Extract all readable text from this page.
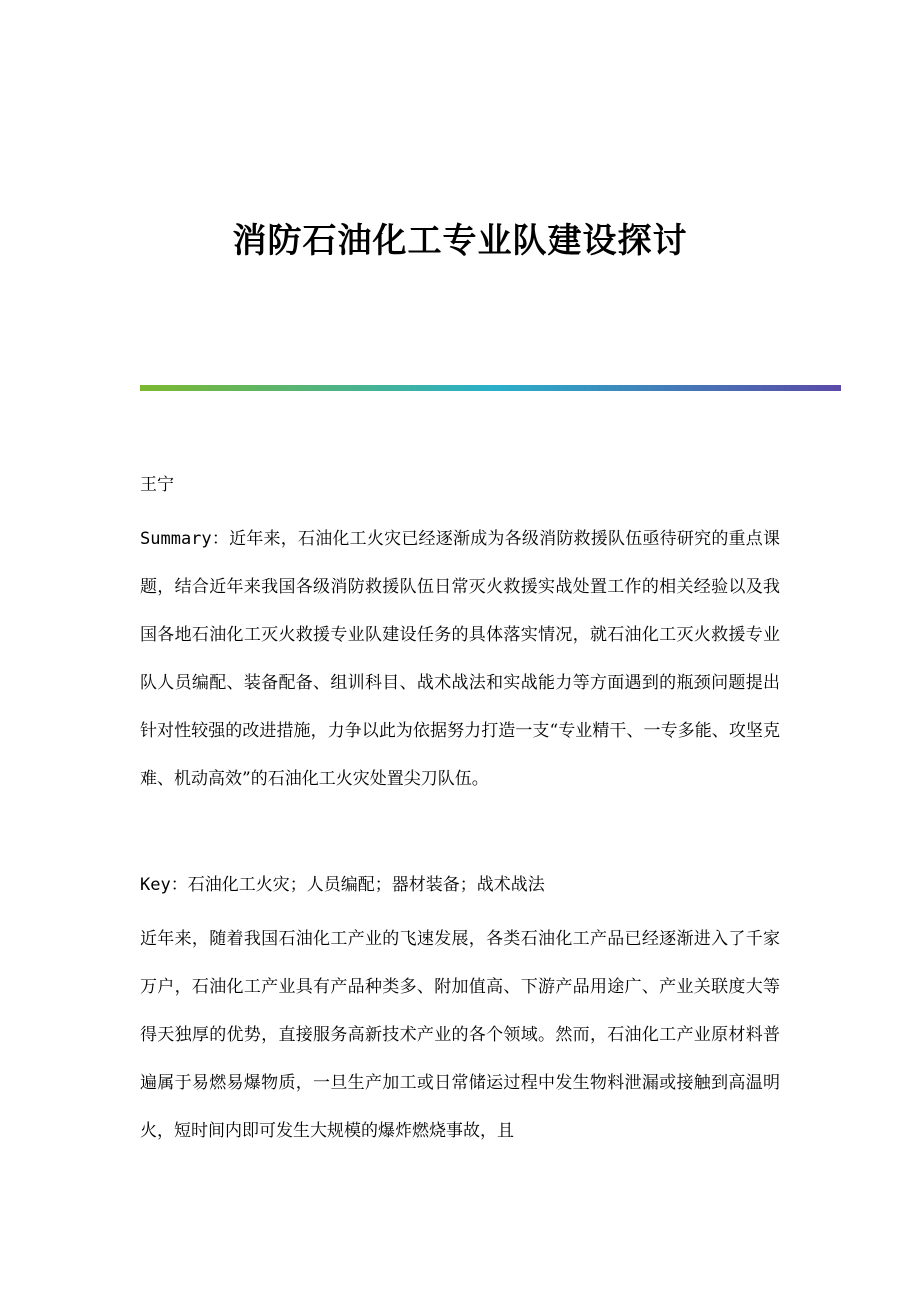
消防石油化工专业队建设探讨

王宁

Summary：近年来，石油化工火灾已经逐渐成为各级消防救援队伍亟待研究的重点课题，结合近年来我国各级消防救援队伍日常灭火救援实战处置工作的相关经验以及我国各地石油化工灭火救援专业队建设任务的具体落实情况，就石油化工灭火救援专业队人员编配、装备配备、组训科目、战术战法和实战能力等方面遇到的瓶颈问题提出针对性较强的改进措施，力争以此为依据努力打造一支“专业精干、一专多能、攻坚克难、机动高效”的石油化工火灾处置尖刀队伍。

Key：石油化工火灾；人员编配；器材装备；战术战法

近年来，随着我国石油化工产业的飞速发展，各类石油化工产品已经逐渐进入了千家万户，石油化工产业具有产品种类多、附加值高、下游产品用途广、产业关联度大等得天独厚的优势，直接服务高新技术产业的各个领域。然而，石油化工产业原材料普遍属于易燃易爆物质，一旦生产加工或日常储运过程中发生物料泄漏或接触到高温明火，短时间内即可发生大规模的爆炸燃烧事故，且
